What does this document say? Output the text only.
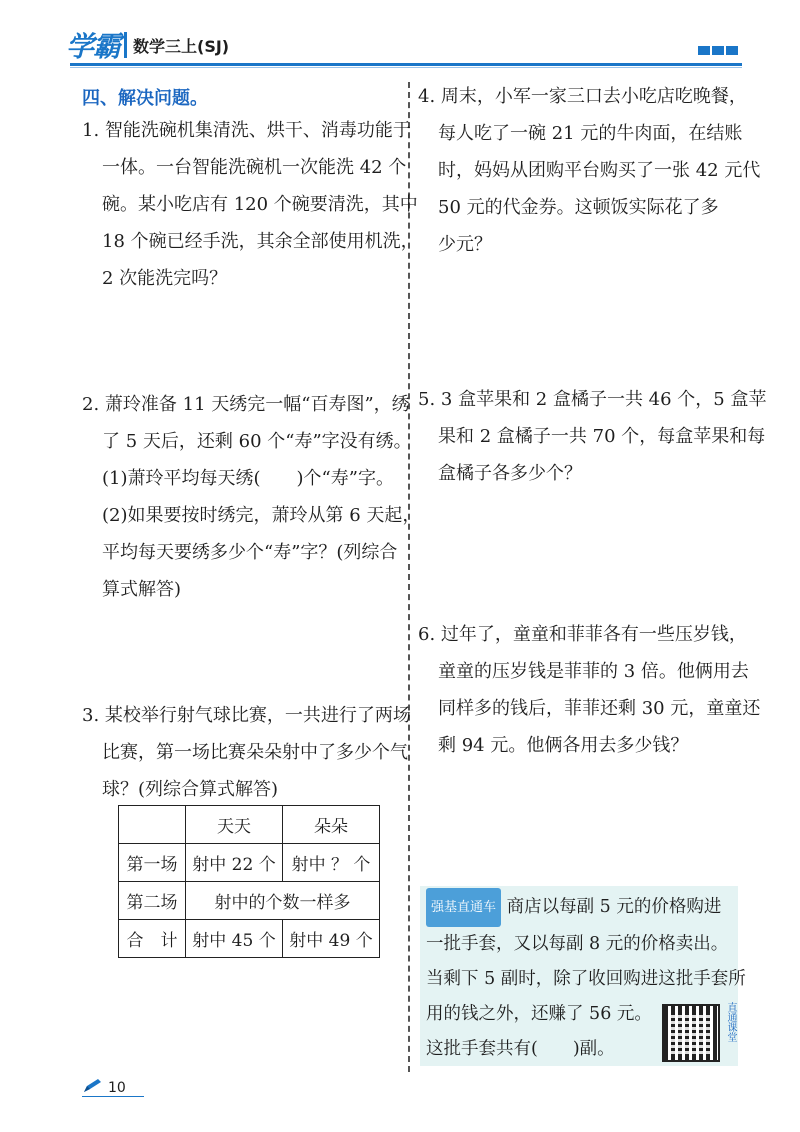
学霸 数学三上(SJ)
四、解决问题。
1. 智能洗碗机集清洗、烘干、消毒功能于
一体。一台智能洗碗机一次能洗 42 个
碗。某小吃店有 120 个碗要清洗，其中
18 个碗已经手洗，其余全部使用机洗，
2 次能洗完吗？
2. 萧玲准备 11 天绣完一幅“百寿图”，绣
了 5 天后，还剩 60 个“寿”字没有绣。
(1)萧玲平均每天绣(　　)个“寿”字。
(2)如果要按时绣完，萧玲从第 6 天起，
平均每天要绣多少个“寿”字？(列综合
算式解答)
3. 某校举行射气球比赛，一共进行了两场
比赛，第一场比赛朵朵射中了多少个气
球？(列综合算式解答)
	天天	朵朵
第一场	射中 22 个	射中 ？ 个
第二场	射中的个数一样多	
合　计	射中 45 个	射中 49 个
4. 周末，小军一家三口去小吃店吃晚餐，
每人吃了一碗 21 元的牛肉面，在结账
时，妈妈从团购平台购买了一张 42 元代
50 元的代金券。这顿饭实际花了多
少元？
5. 3 盒苹果和 2 盒橘子一共 46 个，5 盒苹
果和 2 盒橘子一共 70 个，每盒苹果和每
盒橘子各多少个？
6. 过年了，童童和菲菲各有一些压岁钱，
童童的压岁钱是菲菲的 3 倍。他俩用去
同样多的钱后，菲菲还剩 30 元，童童还
剩 94 元。他俩各用去多少钱？
强基直通车 商店以每副 5 元的价格购进
一批手套，又以每副 8 元的价格卖出。
当剩下 5 副时，除了收回购进这批手套所
用的钱之外，还赚了 56 元。
这批手套共有(　　)副。
直通课堂
10
